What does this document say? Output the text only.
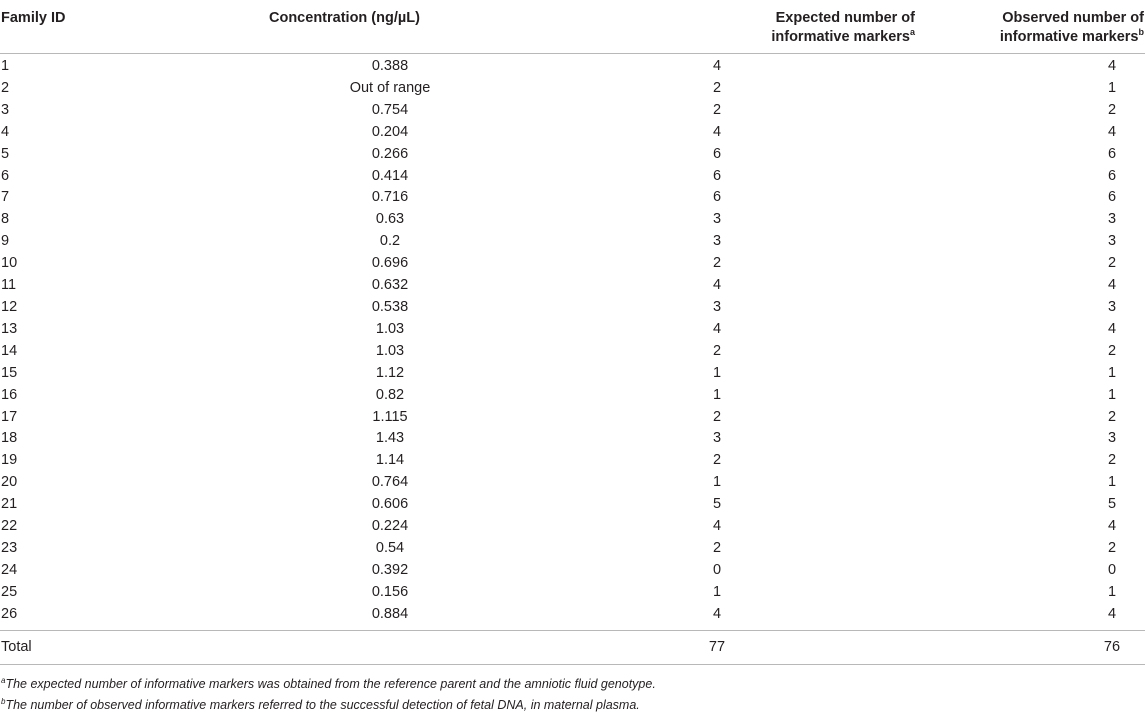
Family ID	Concentration (ng/µL)	Expected number of
informative markers$^a$	Observed number of
informative markers$^b$
1	0.388	4	4
2	Out of range	2	1
3	0.754	2	2
4	0.204	4	4
5	0.266	6	6
6	0.414	6	6
7	0.716	6	6
8	0.63	3	3
9	0.2	3	3
10	0.696	2	2
11	0.632	4	4
12	0.538	3	3
13	1.03	4	4
14	1.03	2	2
15	1.12	1	1
16	0.82	1	1
17	1.115	2	2
18	1.43	3	3
19	1.14	2	2
20	0.764	1	1
21	0.606	5	5
22	0.224	4	4
23	0.54	2	2
24	0.392	0	0
25	0.156	1	1
26	0.884	4	4

Total		77	76
$^a$The expected number of informative markers was obtained from the reference parent and the amniotic fluid genotype.
$^b$The number of observed informative markers referred to the successful detection of fetal DNA, in maternal plasma.
